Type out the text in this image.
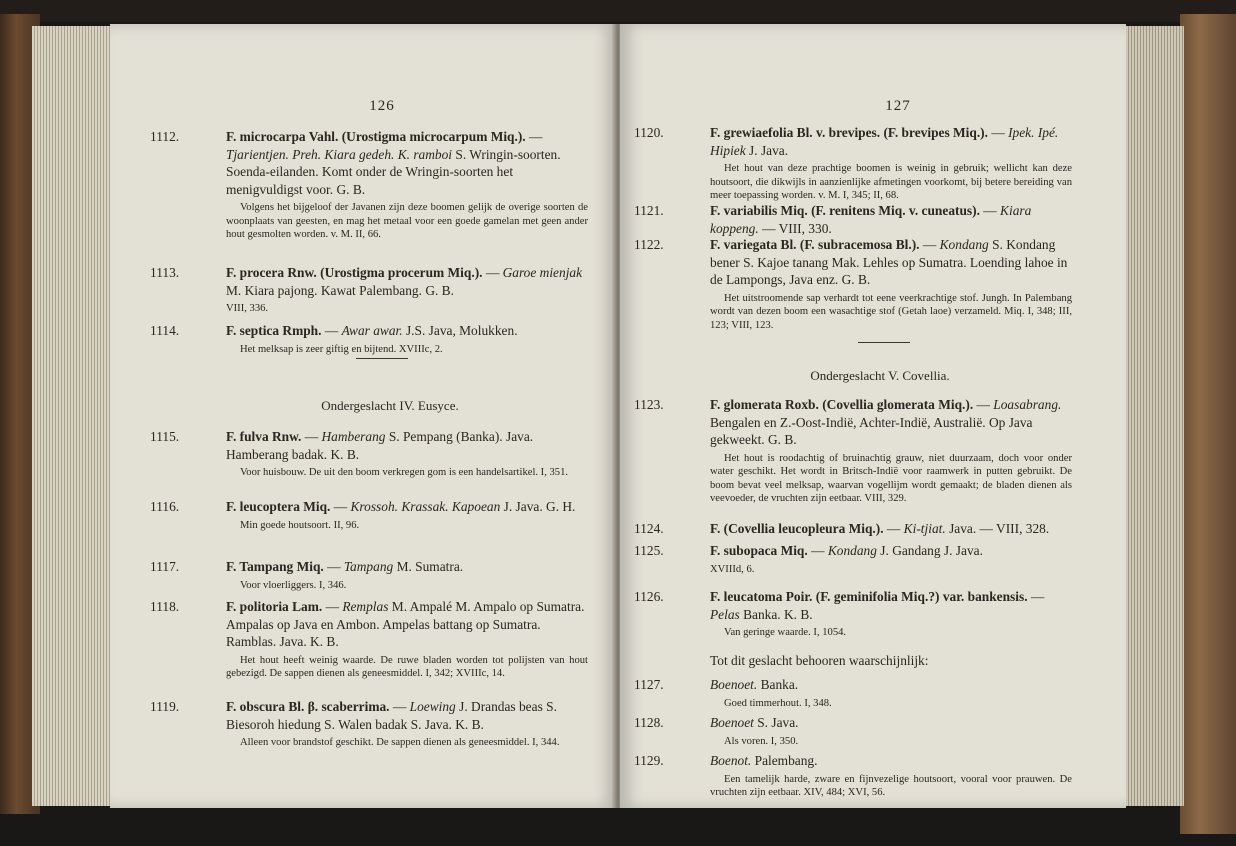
126
1112.	F. microcarpa Vahl. (Urostigma microcarpum Miq.). — Tjarientjen. Preh. Kiara gedeh. K. ramboi S. Wringin-soorten. Soenda-eilanden. Komt onder de Wringin-soorten het menigvuldigst voor. G. B.
Volgens het bijgeloof der Javanen zijn deze boomen gelijk de overige soorten de woonplaats van geesten, en mag het metaal voor een goede gamelan met geen ander hout gesmolten worden. v. M. II, 66.
1113.	F. procera Rnw. (Urostigma procerum Miq.). — Garoe mienjak M. Kiara pajong. Kawat Palembang. G. B.
VIII, 336.
1114.	F. septica Rmph. — Awar awar. J.S. Java, Molukken.
Het melksap is zeer giftig en bijtend. XVIIIc, 2.
Ondergeslacht IV. Eusyce.
1115.	F. fulva Rnw. — Hamberang S. Pempang (Banka). Java. Hamberang badak. K. B.
Voor huisbouw. De uit den boom verkregen gom is een handelsartikel. I, 351.
1116.	F. leucoptera Miq. — Krossoh. Krassak. Kapoean J. Java. G. H.
Min goede houtsoort. II, 96.
1117.	F. Tampang Miq. — Tampang M. Sumatra.
Voor vloerliggers. I, 346.
1118.	F. politoria Lam. — Remplas M. Ampalé M. Ampalo op Sumatra. Ampalas op Java en Ambon. Ampelas battang op Sumatra. Ramblas. Java. K. B.
Het hout heeft weinig waarde. De ruwe bladen worden tot polijsten van hout gebezigd. De sappen dienen als geneesmiddel. I, 342; XVIIIc, 14.
1119.	F. obscura Bl. β. scaberrima. — Loewing J. Drandas beas S. Biesoroh hiedung S. Walen badak S. Java. K. B.
Alleen voor brandstof geschikt. De sappen dienen als geneesmiddel. I, 344.
127
1120.	F. grewiaefolia Bl. v. brevipes. (F. brevipes Miq.). — Ipek. Ipé. Hipiek J. Java.
Het hout van deze prachtige boomen is weinig in gebruik; wellicht kan deze houtsoort, die dikwijls in aanzienlijke afmetingen voorkomt, bij betere bereiding van meer toepassing worden. v. M. I, 345; II, 68.
1121.	F. variabilis Miq. (F. renitens Miq. v. cuneatus). — Kiara koppeng. — VIII, 330.
1122.	F. variegata Bl. (F. subracemosa Bl.). — Kondang S. Kondang bener S. Kajoe tanang Mak. Lehles op Sumatra. Loending lahoe in de Lampongs, Java enz. G. B.
Het uitstroomende sap verhardt tot eene veerkrachtige stof. Jungh. In Palembang wordt van dezen boom een wasachtige stof (Getah laoe) verzameld. Miq. I, 348; III, 123; VIII, 123.
Ondergeslacht V. Covellia.
1123.	F. glomerata Roxb. (Covellia glomerata Miq.). — Loasabrang. Bengalen en Z.-Oost-Indië, Achter-Indië, Australië. Op Java gekweekt. G. B.
Het hout is roodachtig of bruinachtig grauw, niet duurzaam, doch voor onder water geschikt. Het wordt in Britsch-Indië voor raamwerk in putten gebruikt. De boom bevat veel melksap, waarvan vogellijm wordt gemaakt; de bladen dienen als veevoeder, de vruchten zijn eetbaar. VIII, 329.
1124.	F. (Covellia leucopleura Miq.). — Ki-tjiat. Java. — VIII, 328.
1125.	F. subopaca Miq. — Kondang J. Gandang J. Java.
XVIIId, 6.
1126.	F. leucatoma Poir. (F. geminifolia Miq.?) var. bankensis. — Pelas Banka. K. B.
Van geringe waarde. I, 1054.
Tot dit geslacht behooren waarschijnlijk:
1127.	Boenoet. Banka.
Goed timmerhout. I, 348.
1128.	Boenoet S. Java.
Als voren. I, 350.
1129.	Boenot. Palembang.
Een tamelijk harde, zware en fijnvezelige houtsoort, vooral voor prauwen. De vruchten zijn eetbaar. XIV, 484; XVI, 56.
